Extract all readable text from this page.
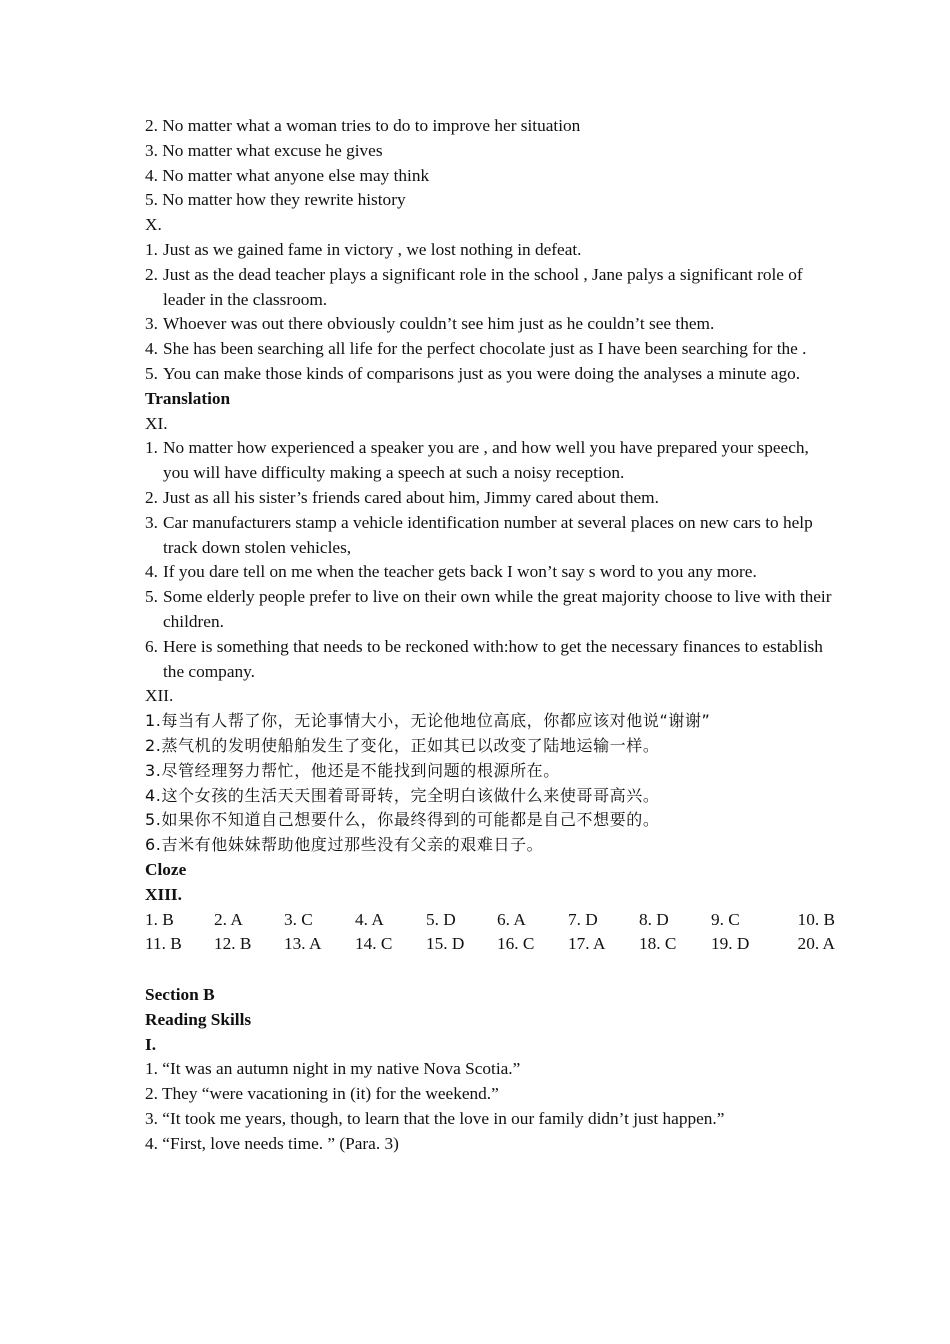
2. No matter what a woman tries to do to improve her situation
3. No matter what excuse he gives
4. No matter what anyone else may think
5. No matter how they rewrite history
X.
1. Just as we gained fame in victory , we lost nothing in defeat.
2. Just as the dead teacher plays a significant role in the school , Jane palys a significant role of leader in the classroom.
3. Whoever was out there obviously couldn’t see him just as he couldn’t see them.
4. She has been searching all life for the perfect chocolate just as I have been searching for the .
5. You can make those kinds of comparisons just as you were doing the analyses a minute ago.
Translation
XI.
1. No matter how experienced a speaker you are , and how well you have prepared your speech, you will have difficulty making a speech at such a noisy reception.
2. Just as all his sister’s friends cared about him, Jimmy cared about them.
3. Car manufacturers stamp a vehicle identification number at several places on new cars to help track down stolen vehicles,
4. If you dare tell on me when the teacher gets back I won’t say s word to you any more.
5. Some elderly people prefer to live on their own while the great majority choose to live with their children.
6. Here is something that needs to be reckoned with:how to get the necessary finances to establish the company.
XII.
1.每当有人帮了你，无论事情大小，无论他地位高底，你都应该对他说“谢谢”
2.蒸气机的发明使船舶发生了变化，正如其已以改变了陆地运输一样。
3.尽管经理努力帮忙，他还是不能找到问题的根源所在。
4.这个女孩的生活天天围着哥哥转，完全明白该做什么来使哥哥高兴。
5.如果你不知道自己想要什么，你最终得到的可能都是自己不想要的。
6.吉米有他妹妹帮助他度过那些没有父亲的艰难日子。
Cloze
XIII.
1. B	2. A	3. C	4. A	5. D	6. A	7. D	8. D	9. C	10. B
11. B	12. B	13. A	14. C	15. D	16. C	17. A	18. C	19. D	20. A
Section B
Reading Skills
I.
1. “It was an autumn night in my native Nova Scotia.”
2. They “were vacationing in (it) for the weekend.”
3. “It took me years, though, to learn that the love in our family didn’t just happen.”
4. “First, love needs time. ” (Para. 3)
